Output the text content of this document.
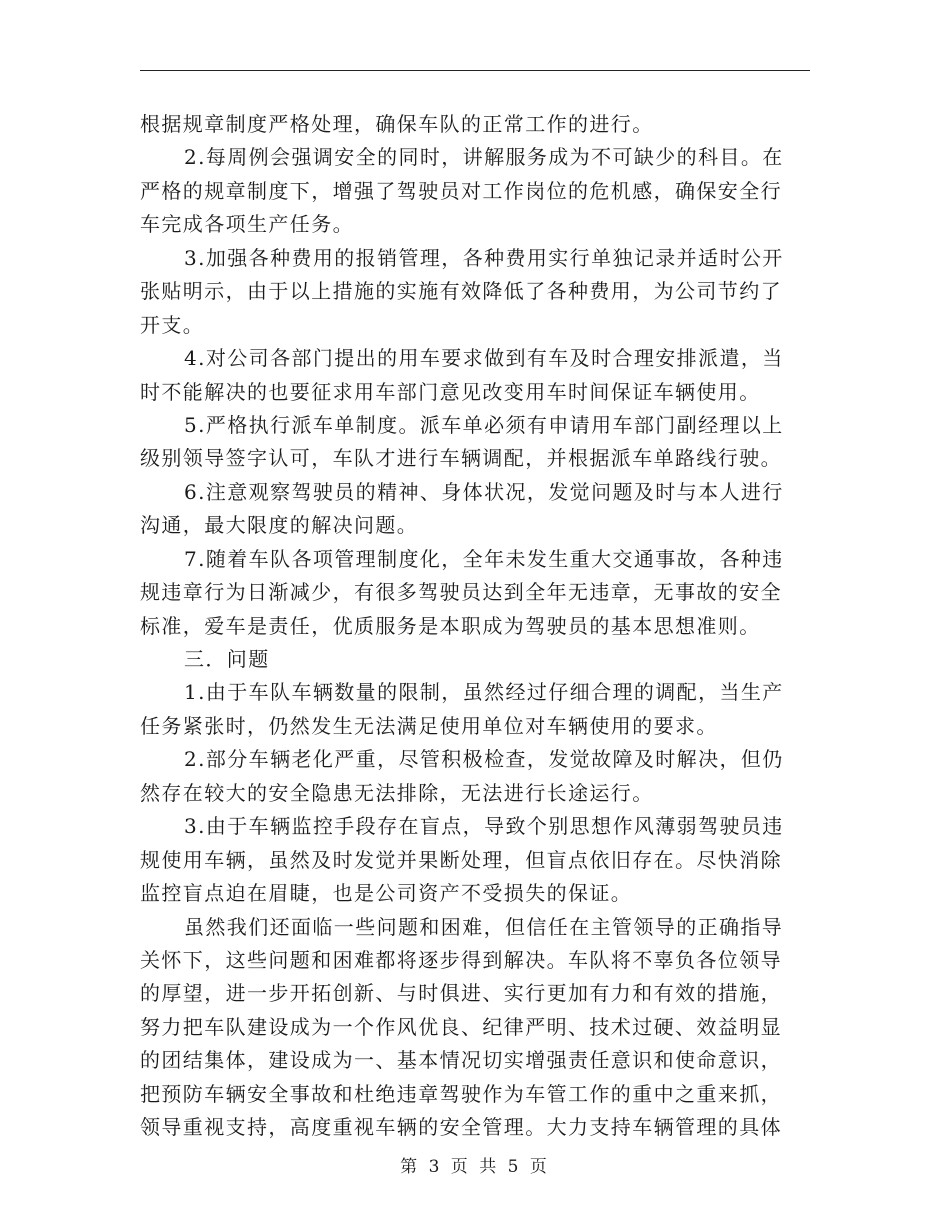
根据规章制度严格处理，确保车队的正常工作的进行。
2.每周例会强调安全的同时，讲解服务成为不可缺少的科目。在
严格的规章制度下，增强了驾驶员对工作岗位的危机感，确保安全行
车完成各项生产任务。
3.加强各种费用的报销管理，各种费用实行单独记录并适时公开
张贴明示，由于以上措施的实施有效降低了各种费用，为公司节约了
开支。
4.对公司各部门提出的用车要求做到有车及时合理安排派遣，当
时不能解决的也要征求用车部门意见改变用车时间保证车辆使用。
5.严格执行派车单制度。派车单必须有申请用车部门副经理以上
级别领导签字认可，车队才进行车辆调配，并根据派车单路线行驶。
6.注意观察驾驶员的精神、身体状况，发觉问题及时与本人进行
沟通，最大限度的解决问题。
7.随着车队各项管理制度化，全年未发生重大交通事故，各种违
规违章行为日渐减少，有很多驾驶员达到全年无违章，无事故的安全
标准，爱车是责任，优质服务是本职成为驾驶员的基本思想准则。
三．问题
1.由于车队车辆数量的限制，虽然经过仔细合理的调配，当生产
任务紧张时，仍然发生无法满足使用单位对车辆使用的要求。
2.部分车辆老化严重，尽管积极检查，发觉故障及时解决，但仍
然存在较大的安全隐患无法排除，无法进行长途运行。
3.由于车辆监控手段存在盲点，导致个别思想作风薄弱驾驶员违
规使用车辆，虽然及时发觉并果断处理，但盲点依旧存在。尽快消除
监控盲点迫在眉睫，也是公司资产不受损失的保证。
虽然我们还面临一些问题和困难，但信任在主管领导的正确指导
关怀下，这些问题和困难都将逐步得到解决。车队将不辜负各位领导
的厚望，进一步开拓创新、与时俱进、实行更加有力和有效的措施，
努力把车队建设成为一个作风优良、纪律严明、技术过硬、效益明显
的团结集体，建设成为一、基本情况切实增强责任意识和使命意识，
把预防车辆安全事故和杜绝违章驾驶作为车管工作的重中之重来抓，
领导重视支持，高度重视车辆的安全管理。大力支持车辆管理的具体
第 3 页 共 5 页
